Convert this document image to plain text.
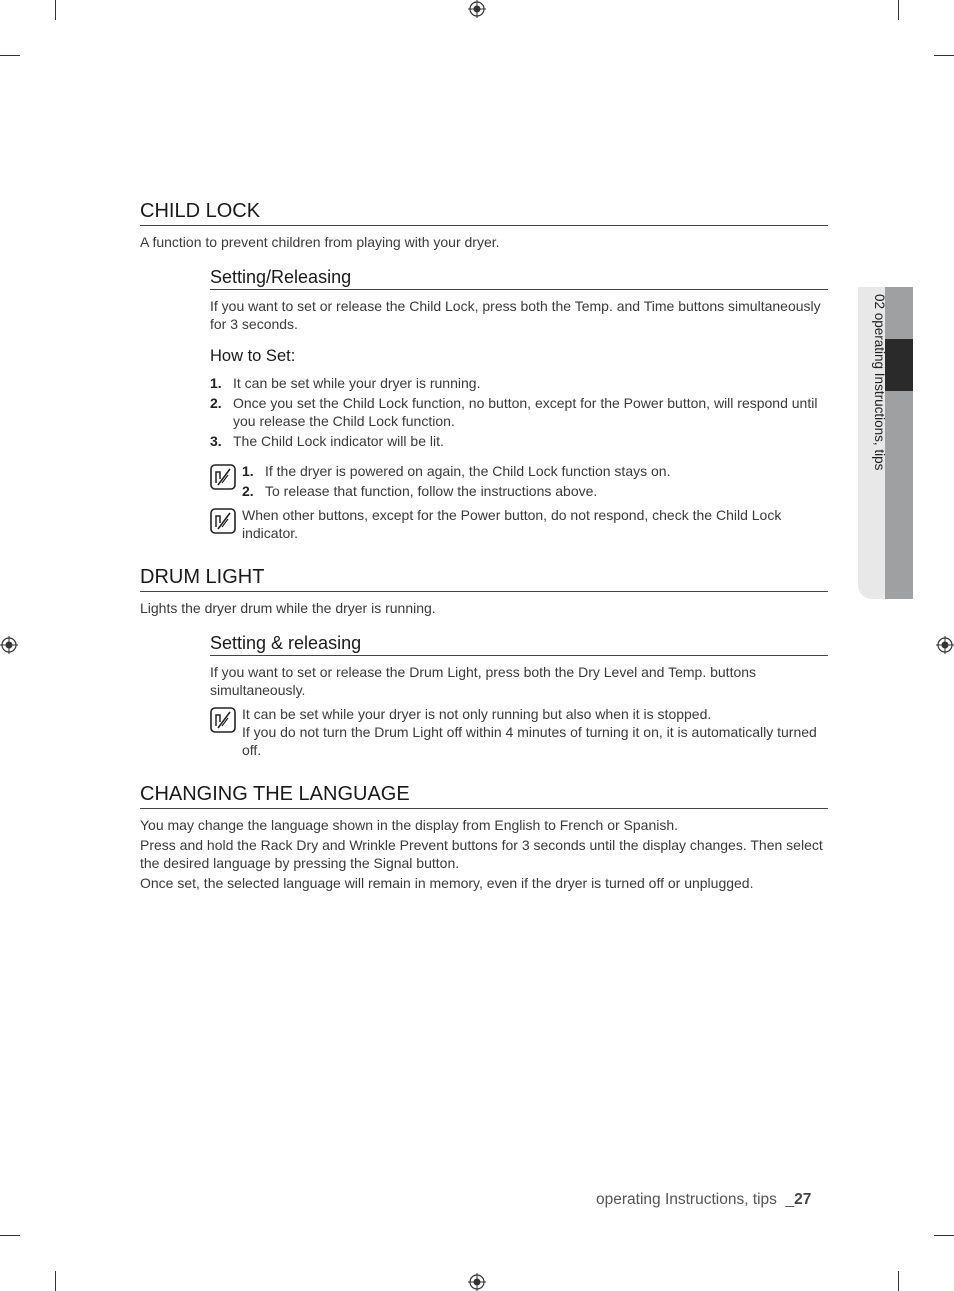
02 operating Instructions, tips
CHILD LOCK
A function to prevent children from playing with your dryer.
Setting/Releasing
If you want to set or release the Child Lock, press both the Temp. and Time buttons simultaneously for 3 seconds.
How to Set:
1. It can be set while your dryer is running.
2. Once you set the Child Lock function, no button, except for the Power button, will respond until you release the Child Lock function.
3. The Child Lock indicator will be lit.
1. If the dryer is powered on again, the Child Lock function stays on.
2. To release that function, follow the instructions above.
When other buttons, except for the Power button, do not respond, check the Child Lock indicator.
DRUM LIGHT
Lights the dryer drum while the dryer is running.
Setting & releasing
If you want to set or release the Drum Light, press both the Dry Level and Temp. buttons simultaneously.
It can be set while your dryer is not only running but also when it is stopped.
If you do not turn the Drum Light off within 4 minutes of turning it on, it is automatically turned off.
CHANGING THE LANGUAGE
You may change the language shown in the display from English to French or Spanish.
Press and hold the Rack Dry and Wrinkle Prevent buttons for 3 seconds until the display changes. Then select the desired language by pressing the Signal button.
Once set, the selected language will remain in memory, even if the dryer is turned off or unplugged.
operating Instructions, tips  _27
